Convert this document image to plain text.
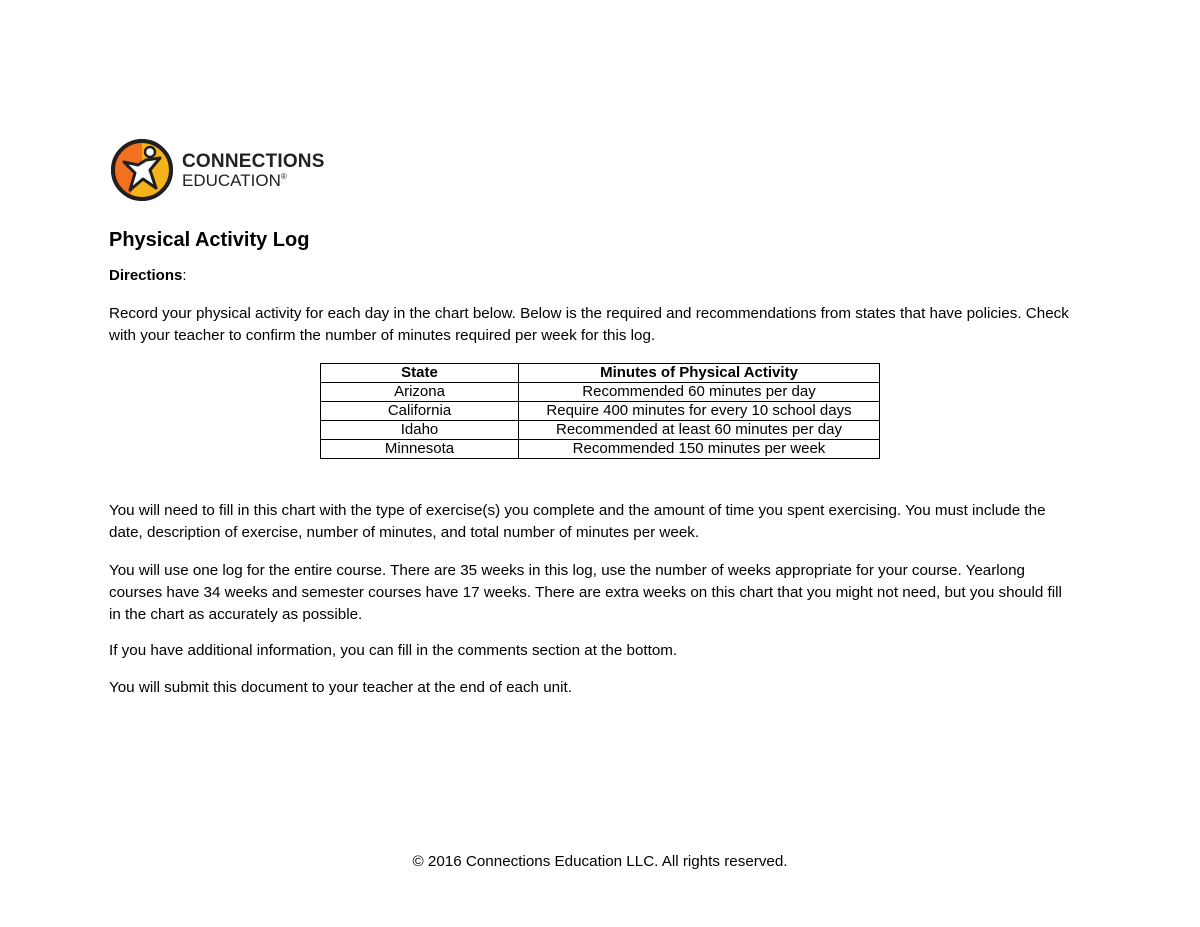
CONNECTIONS
EDUCATION®
Physical Activity Log

Directions:

Record your physical activity for each day in the chart below. Below is the required and recommendations from states that have policies. Check with your teacher to confirm the number of minutes required per week for this log.

State	Minutes of Physical Activity
Arizona	Recommended 60 minutes per day
California	Require 400 minutes for every 10 school days
Idaho	Recommended at least 60 minutes per day
Minnesota	Recommended 150 minutes per week

You will need to fill in this chart with the type of exercise(s) you complete and the amount of time you spent exercising. You must include the date, description of exercise, number of minutes, and total number of minutes per week.

You will use one log for the entire course. There are 35 weeks in this log, use the number of weeks appropriate for your course. Yearlong courses have 34 weeks and semester courses have 17 weeks. There are extra weeks on this chart that you might not need, but you should fill in the chart as accurately as possible.

If you have additional information, you can fill in the comments section at the bottom.

You will submit this document to your teacher at the end of each unit.

© 2016 Connections Education LLC. All rights reserved.
